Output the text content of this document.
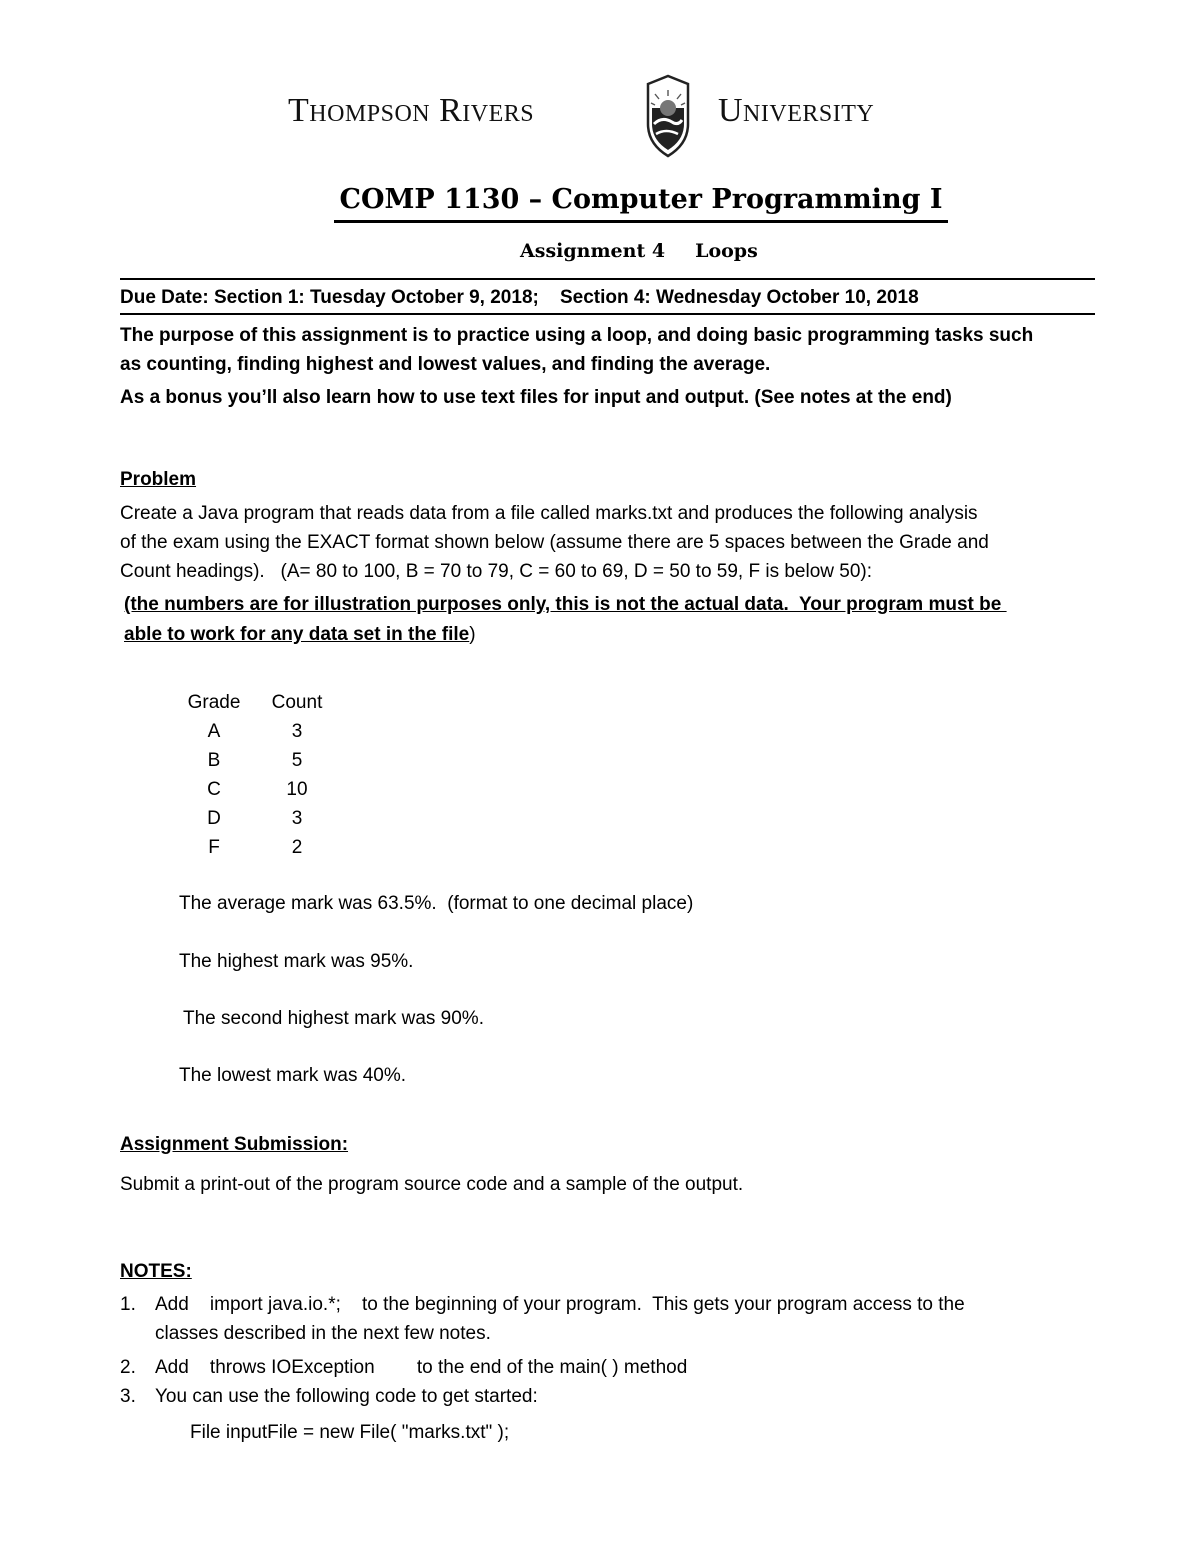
Thompson Rivers	University
COMP 1130 – Computer Programming I
Assignment 4 Loops
Due Date: Section 1: Tuesday October 9, 2018;    Section 4: Wednesday October 10, 2018
The purpose of this assignment is to practice using a loop, and doing basic programming tasks such
as counting, finding highest and lowest values, and finding the average.
As a bonus you’ll also learn how to use text files for input and output. (See notes at the end)
Problem
Create a Java program that reads data from a file called marks.txt and produces the following analysis
of the exam using the EXACT format shown below (assume there are 5 spaces between the Grade and
Count headings).   (A= 80 to 100, B = 70 to 79, C = 60 to 69, D = 50 to 59, F is below 50):
(the numbers are for illustration purposes only, this is not the actual data.  Your program must be
able to work for any data set in the file)
Grade Count
A	3
B	5
C	10
D	3
F	2
The average mark was 63.5%.  (format to one decimal place)
The highest mark was 95%.
The second highest mark was 90%.
The lowest mark was 40%.
Assignment Submission:
Submit a print-out of the program source code and a sample of the output.
NOTES:
1. Add    import java.io.*;    to the beginning of your program.  This gets your program access to the
classes described in the next few notes.
2. Add    throws IOException        to the end of the main( ) method
3. You can use the following code to get started:
File inputFile = new File( "marks.txt" );
